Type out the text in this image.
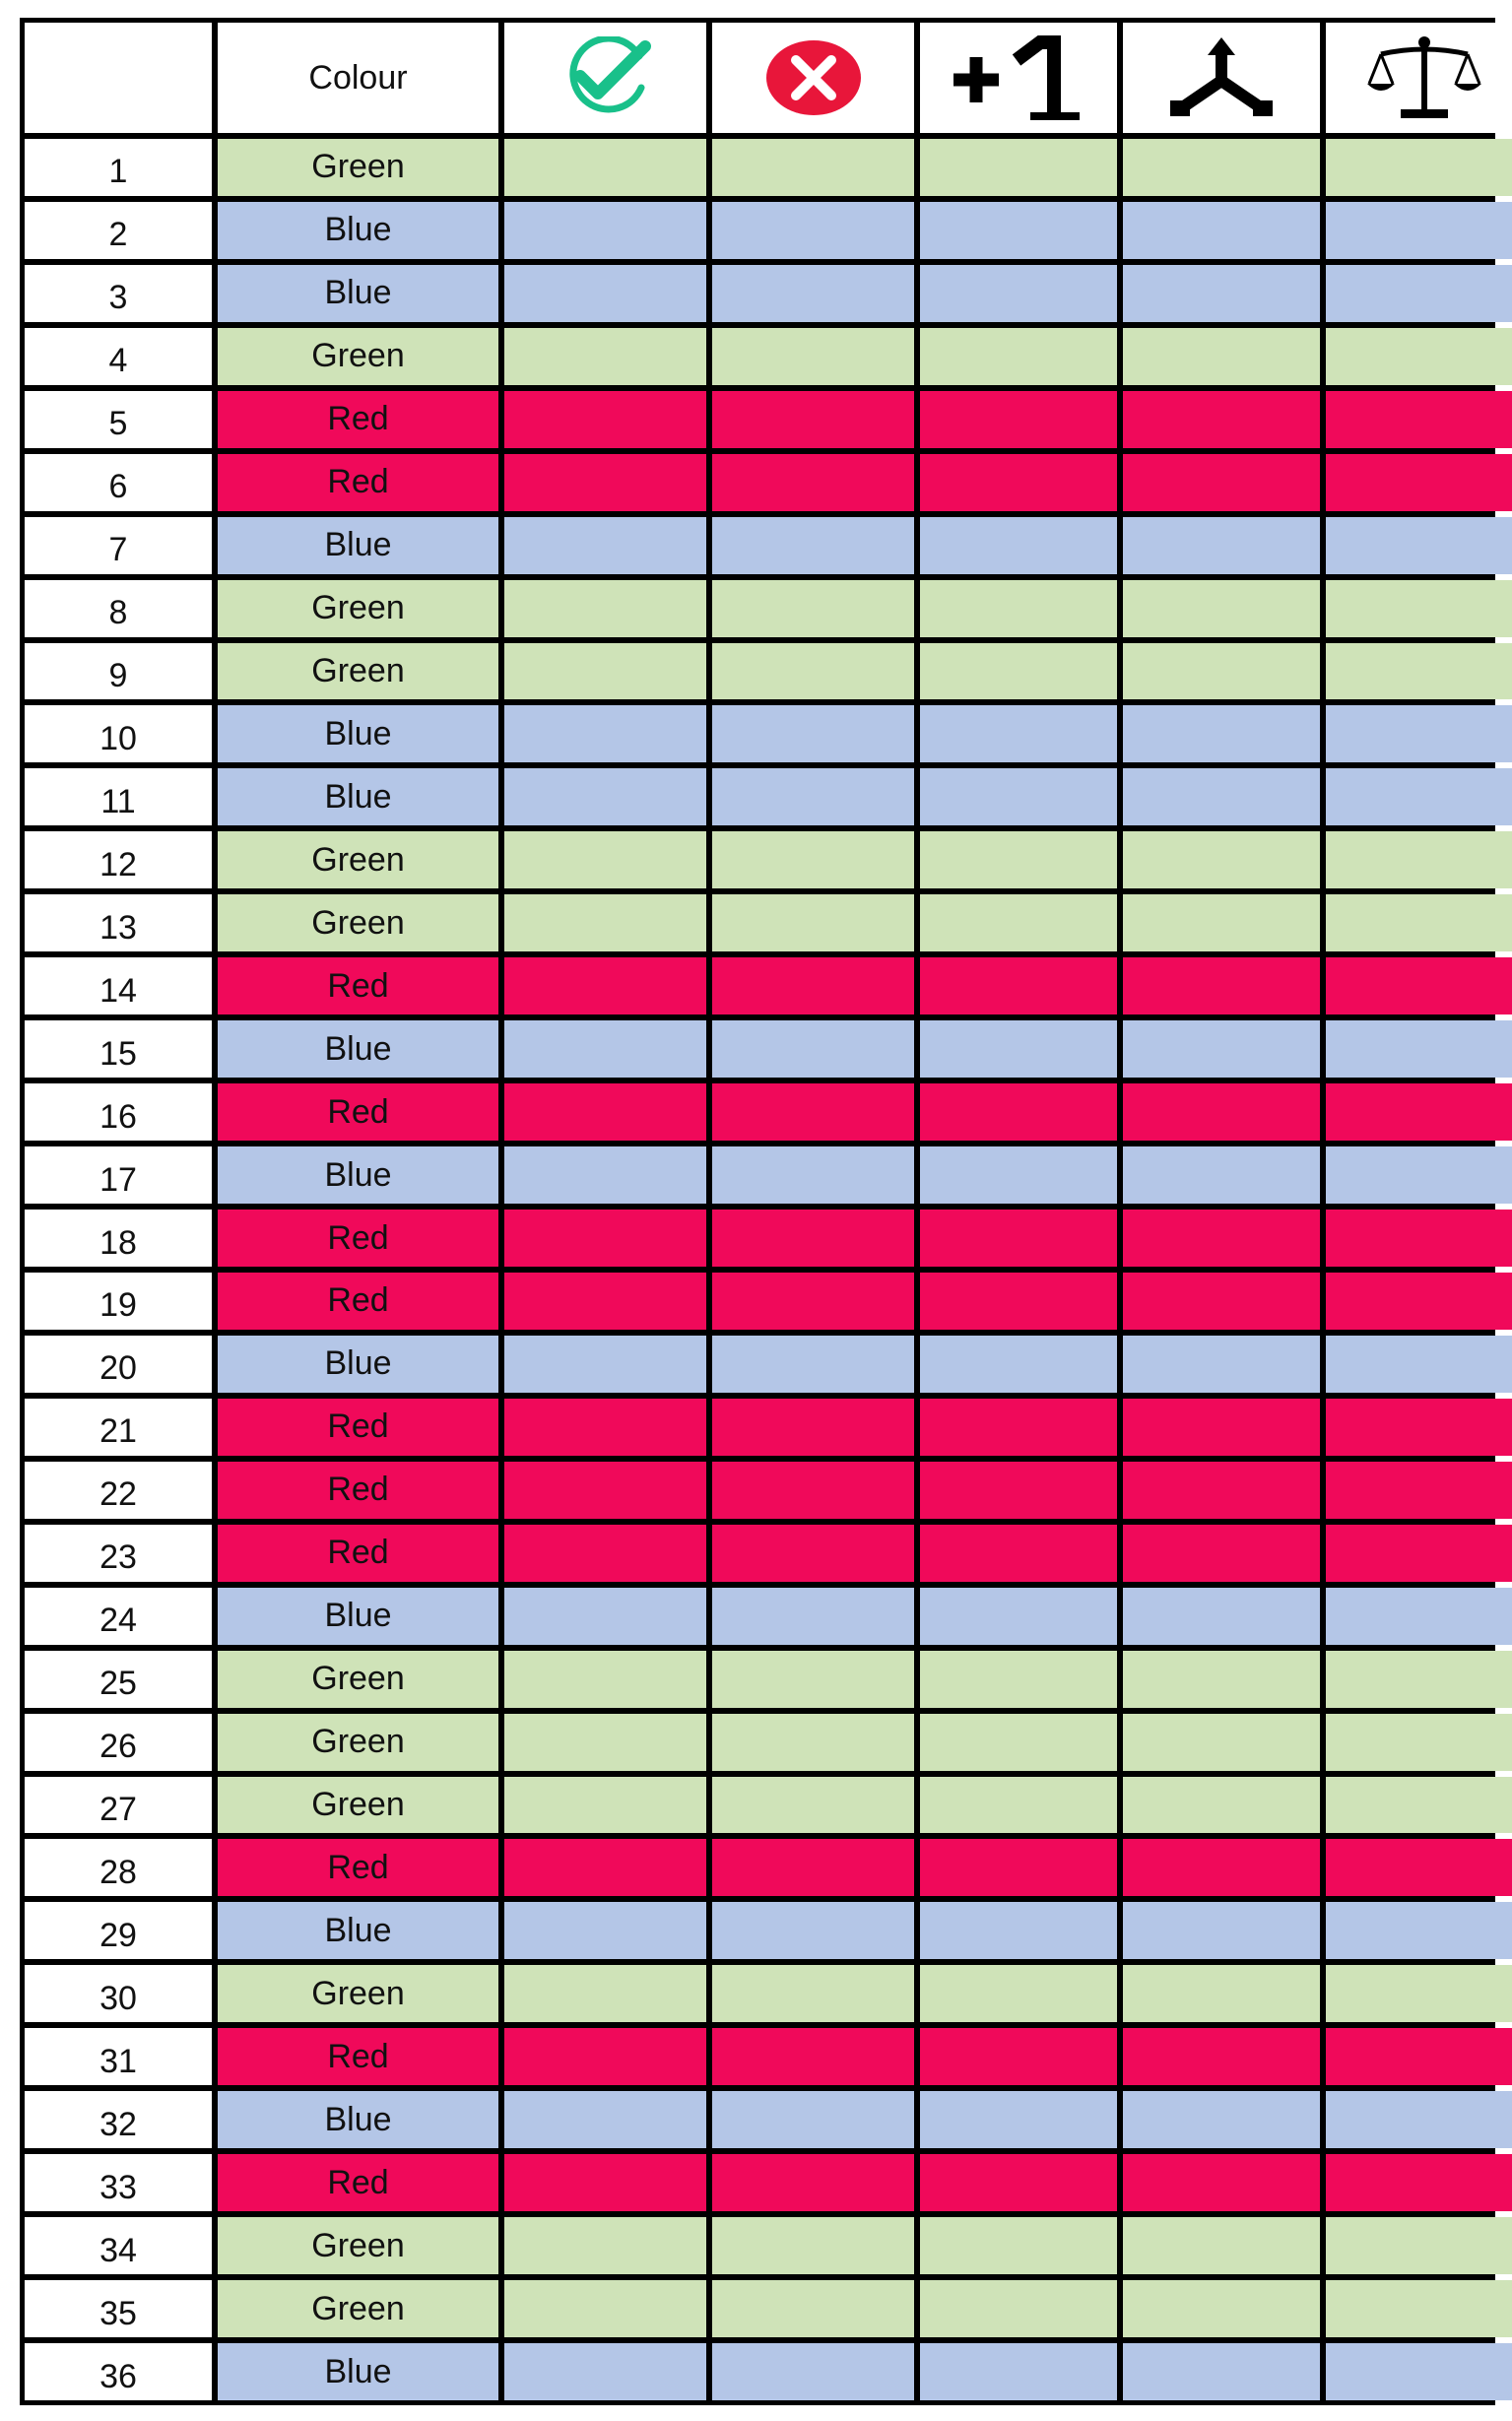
Colour
1	Green
2	Blue
3	Blue
4	Green
5	Red
6	Red
7	Blue
8	Green
9	Green
10	Blue
11	Blue
12	Green
13	Green
14	Red
15	Blue
16	Red
17	Blue
18	Red
19	Red
20	Blue
21	Red
22	Red
23	Red
24	Blue
25	Green
26	Green
27	Green
28	Red
29	Blue
30	Green
31	Red
32	Blue
33	Red
34	Green
35	Green
36	Blue
